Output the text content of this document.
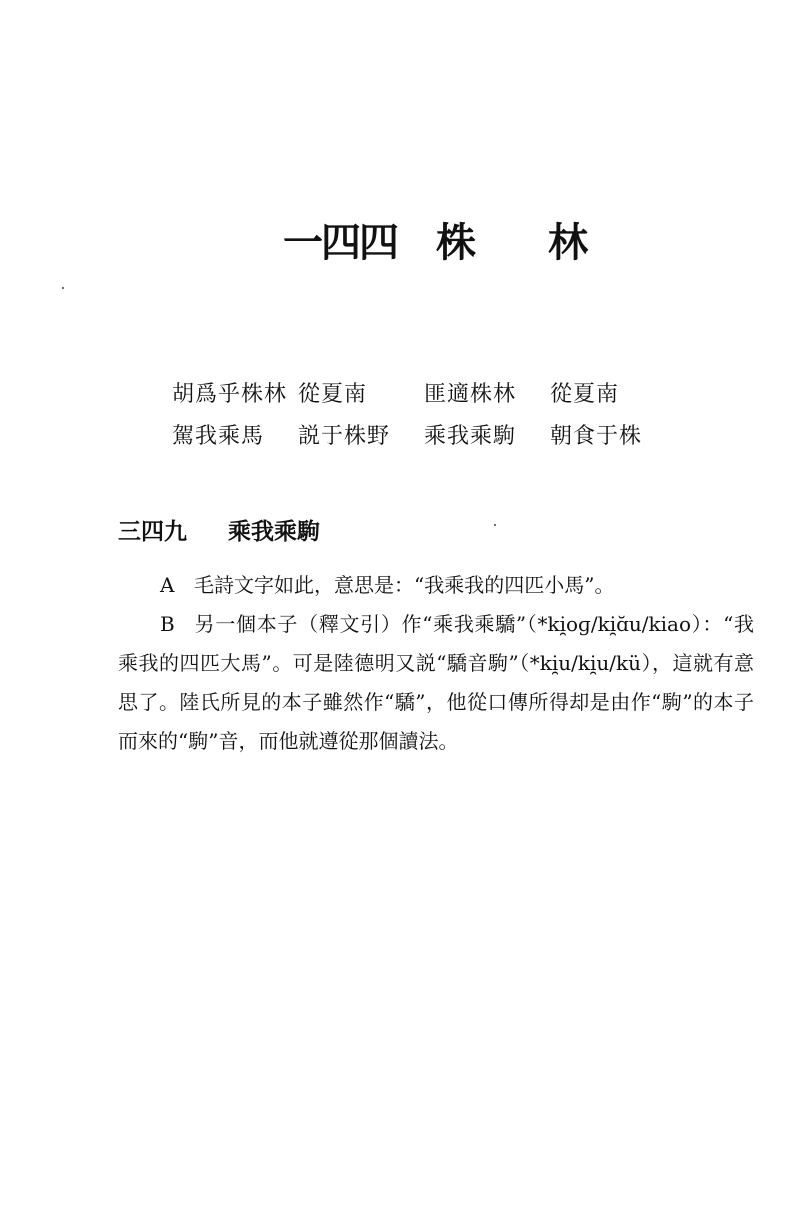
一四四 株 林
胡爲乎株林 從夏南	匪適株林 從夏南
駕我乘馬 説于株野 乘我乘駒 朝食于株
三四九 乘我乘駒

A 毛詩文字如此，意思是：“我乘我的四匹小馬”。

B 另一個本子（釋文引）作“乘我乘驕”（*ki̯oɡ/ki̯ɑ̆u/kiao）：“我乘我的四匹大馬”。可是陸德明又説“驕音駒”（*ki̯u/ki̯u/kü），這就有意思了。陸氏所見的本子雖然作“驕”，他從口傳所得却是由作“駒”的本子而來的“駒”音，而他就遵從那個讀法。
